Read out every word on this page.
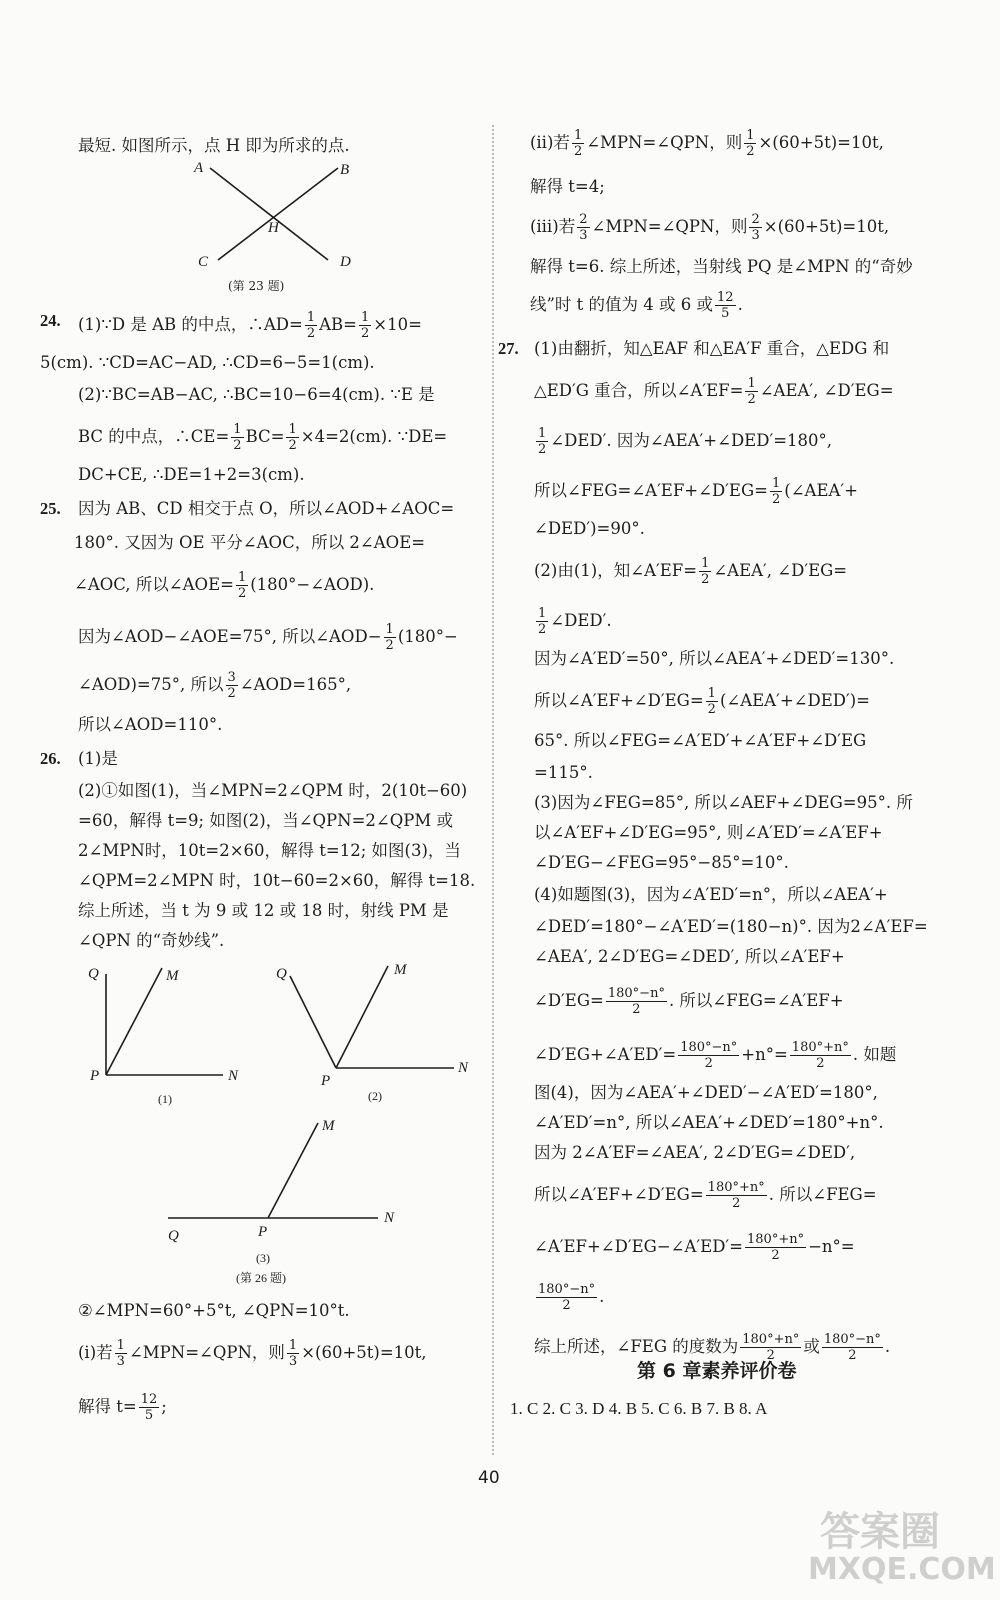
最短. 如图所示，点 H 即为所求的点.
A	B
C	D
H
(第 23 题)
24. (1)∵D 是 AB 的中点，∴AD= $\frac{1}{2} AB= \frac{1}{2} \times 10=$
5(cm). ∵CD=AC−AD, ∴CD=6−5=1(cm).
(2)∵BC=AB−AC, ∴BC=10−6=4(cm). ∵E 是
BC 的中点，∴CE= $\frac{1}{2} BC= \frac{1}{2} \times 4=2(cm)$. ∵DE=
DC+CE, ∴DE=1+2=3(cm).
25. 因为 AB、CD 相交于点 O，所以∠AOD+∠AOC=
180°. 又因为 OE 平分∠AOC，所以 2∠AOE=
∠AOC, 所以∠AOE= $\frac{1}{2}$ (180°−∠AOD).
因为∠AOD−∠AOE=75°, 所以∠AOD− $\frac{1}{2} (180^\circ-$
∠AOD)=75°, 所以 $\frac{3}{2}$ ∠AOD=165°,
所以∠AOD=110°.
26. (1)是
(2)①如图(1)，当∠MPN=2∠QPM 时，2(10t−60)
=60，解得 t=9; 如图(2)，当∠QPN=2∠QPM 或
2∠MPN时，10t=2×60，解得 t=12; 如图(3)，当
∠QPM=2∠MPN 时，10t−60=2×60，解得 t=18.
综上所述，当 t 为 9 或 12 或 18 时，射线 PM 是
∠QPN 的“奇妙线”.
Q	M
P	N
(1)
Q	M
P
N
(2)
M
Q	P
N
(3)
(第 26 题)
②∠MPN=60°+5°t, ∠QPN=10°t.
(ⅰ)若 $\frac{1}{3}$ ∠MPN=∠QPN，则 $\frac{1}{3} \times(60+5t)=10t$,
解得 $t= \frac{12}{5}$ ;
(ⅱ)若 $\frac{1}{2}$ ∠MPN=∠QPN，则 $\frac{1}{2} \times(60+5t)=10t$,
解得 t=4;
(ⅲ)若 $\frac{2}{3}$ ∠MPN=∠QPN，则 $\frac{2}{3} \times(60+5t)=10t$,
解得 t=6. 综上所述，当射线 PQ 是∠MPN 的“奇妙
线”时 t 的值为 4 或 6 或 $\frac{12}{5}$ .
27. (1)由翻折，知△EAF 和△EA′F 重合，△EDG 和
△ED′G 重合，所以∠A′EF= $\frac{1}{2}$ ∠AEA′, ∠D′EG=
$\frac{1}{2}$ ∠DED′. 因为∠AEA′+∠DED′=180°,
所以∠FEG=∠A′EF+∠D′EG= $\frac{1}{2}$ (∠AEA′+
∠DED′)=90°.
(2)由(1)，知∠A′EF= $\frac{1}{2}$ ∠AEA′, ∠D′EG=
$\frac{1}{2}$ ∠DED′.
因为∠A′ED′=50°, 所以∠AEA′+∠DED′=130°.
所以∠A′EF+∠D′EG= $\frac{1}{2}$ (∠AEA′+∠DED′)=
65°. 所以∠FEG=∠A′ED′+∠A′EF+∠D′EG
=115°.
(3)因为∠FEG=85°, 所以∠AEF+∠DEG=95°. 所
以∠A′EF+∠D′EG=95°, 则∠A′ED′=∠A′EF+
∠D′EG−∠FEG=95°−85°=10°.
(4)如题图(3)，因为∠A′ED′=n°，所以∠AEA′+
∠DED′=180°−∠A′ED′=(180−n)°. 因为2∠A′EF=
∠AEA′, 2∠D′EG=∠DED′, 所以∠A′EF+
∠D′EG= $\frac{180^\circ-n^\circ}{2}$ . 所以∠FEG=∠A′EF+
∠D′EG+∠A′ED′= $\frac{180^\circ-n^\circ}{2} +n^\circ= \frac{180^\circ+n^\circ}{2}$ . 如题
图(4)，因为∠AEA′+∠DED′−∠A′ED′=180°,
∠A′ED′=n°, 所以∠AEA′+∠DED′=180°+n°.
因为 2∠A′EF=∠AEA′, 2∠D′EG=∠DED′,
所以∠A′EF+∠D′EG= $\frac{180^\circ+n^\circ}{2}$ . 所以∠FEG=
∠A′EF+∠D′EG−∠A′ED′= $\frac{180^\circ+n^\circ}{2} -n^\circ=$
$\frac{180^\circ-n^\circ}{2}$ .
综上所述，∠FEG 的度数为 $\frac{180^\circ+n^\circ}{2}$ 或 $\frac{180^\circ-n^\circ}{2}$ .
第 6 章素养评价卷
1. C 2. C 3. D 4. B 5. C 6. B 7. B 8. A
40
答案圈
MXQE.COM
